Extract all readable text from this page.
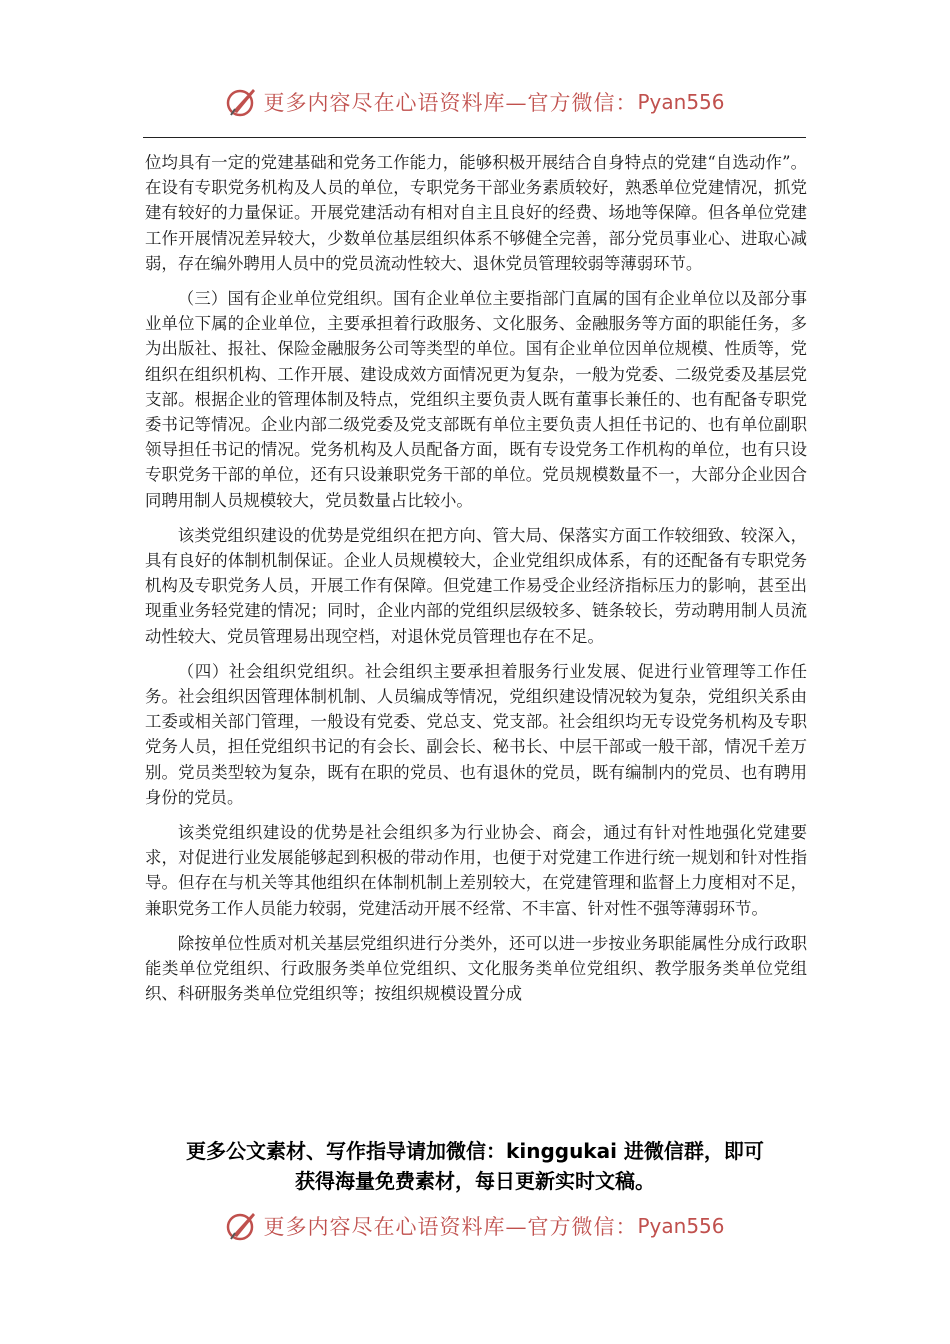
更多内容尽在心语资料库—官方微信： Pyan556

位均具有一定的党建基础和党务工作能力，能够积极开展结合自身特点的党建“自选动作”。在设有专职党务机构及人员的单位，专职党务干部业务素质较好，熟悉单位党建情况，抓党建有较好的力量保证。开展党建活动有相对自主且良好的经费、场地等保障。但各单位党建工作开展情况差异较大，少数单位基层组织体系不够健全完善，部分党员事业心、进取心减弱，存在编外聘用人员中的党员流动性较大、退休党员管理较弱等薄弱环节。

（三）国有企业单位党组织。国有企业单位主要指部门直属的国有企业单位以及部分事业单位下属的企业单位，主要承担着行政服务、文化服务、金融服务等方面的职能任务，多为出版社、报社、保险金融服务公司等类型的单位。国有企业单位因单位规模、性质等，党组织在组织机构、工作开展、建设成效方面情况更为复杂，一般为党委、二级党委及基层党支部。根据企业的管理体制及特点，党组织主要负责人既有董事长兼任的、也有配备专职党委书记等情况。企业内部二级党委及党支部既有单位主要负责人担任书记的、也有单位副职领导担任书记的情况。党务机构及人员配备方面，既有专设党务工作机构的单位，也有只设专职党务干部的单位，还有只设兼职党务干部的单位。党员规模数量不一，大部分企业因合同聘用制人员规模较大，党员数量占比较小。

该类党组织建设的优势是党组织在把方向、管大局、保落实方面工作较细致、较深入，具有良好的体制机制保证。企业人员规模较大，企业党组织成体系，有的还配备有专职党务机构及专职党务人员，开展工作有保障。但党建工作易受企业经济指标压力的影响，甚至出现重业务轻党建的情况；同时，企业内部的党组织层级较多、链条较长，劳动聘用制人员流动性较大、党员管理易出现空档，对退休党员管理也存在不足。

（四）社会组织党组织。社会组织主要承担着服务行业发展、促进行业管理等工作任务。社会组织因管理体制机制、人员编成等情况，党组织建设情况较为复杂，党组织关系由工委或相关部门管理，一般设有党委、党总支、党支部。社会组织均无专设党务机构及专职党务人员，担任党组织书记的有会长、副会长、秘书长、中层干部或一般干部，情况千差万别。党员类型较为复杂，既有在职的党员、也有退休的党员，既有编制内的党员、也有聘用身份的党员。

该类党组织建设的优势是社会组织多为行业协会、商会，通过有针对性地强化党建要求，对促进行业发展能够起到积极的带动作用，也便于对党建工作进行统一规划和针对性指导。但存在与机关等其他组织在体制机制上差别较大，在党建管理和监督上力度相对不足，兼职党务工作人员能力较弱，党建活动开展不经常、不丰富、针对性不强等薄弱环节。

除按单位性质对机关基层党组织进行分类外，还可以进一步按业务职能属性分成行政职能类单位党组织、行政服务类单位党组织、文化服务类单位党组织、教学服务类单位党组织、科研服务类单位党组织等；按组织规模设置分成

更多公文素材、写作指导请加微信：kinggukai 进微信群，即可
获得海量免费素材，每日更新实时文稿。
更多内容尽在心语资料库—官方微信： Pyan556
